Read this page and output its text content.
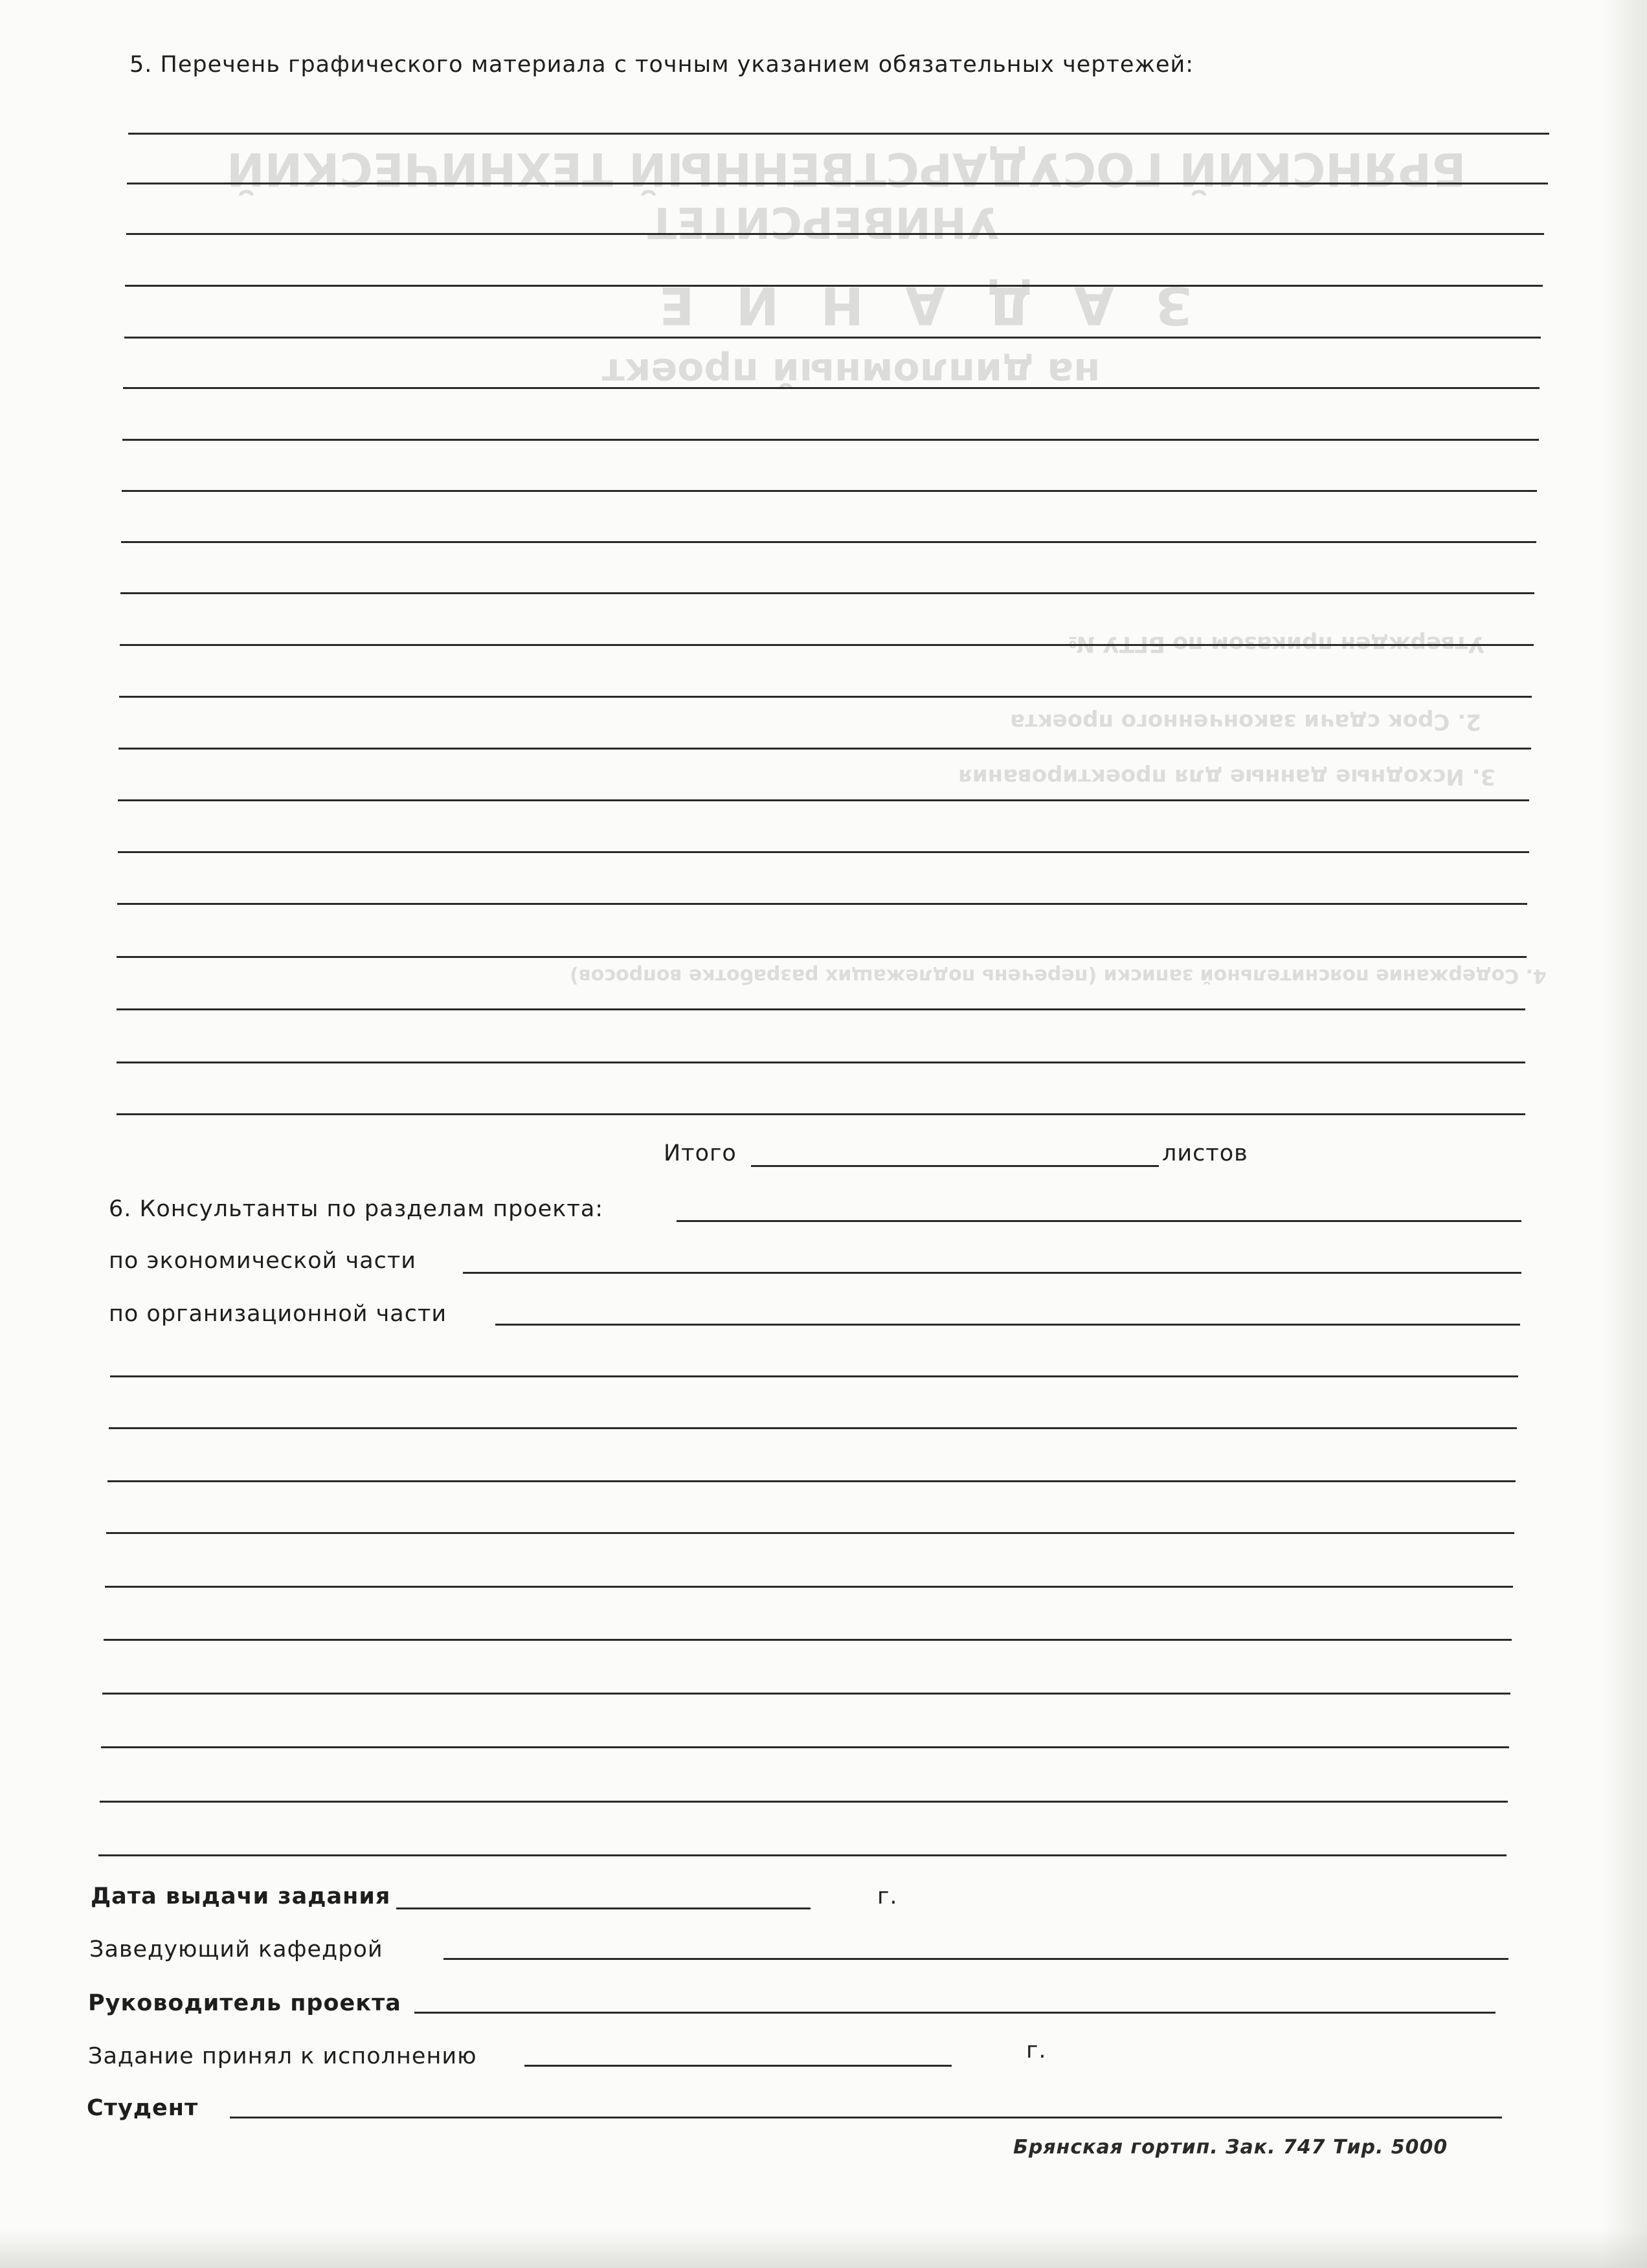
5. Перечень графического материала с точным указанием обязательных чертежей:
Итого	листов
6. Консультанты по разделам проекта:
по экономической части
по организационной части
Дата выдачи задания	г.
Заведующий кафедрой
Руководитель проекта
Задание принял к исполнению	г.
Студент
Брянская гортип. Зак. 747 Тир. 5000
